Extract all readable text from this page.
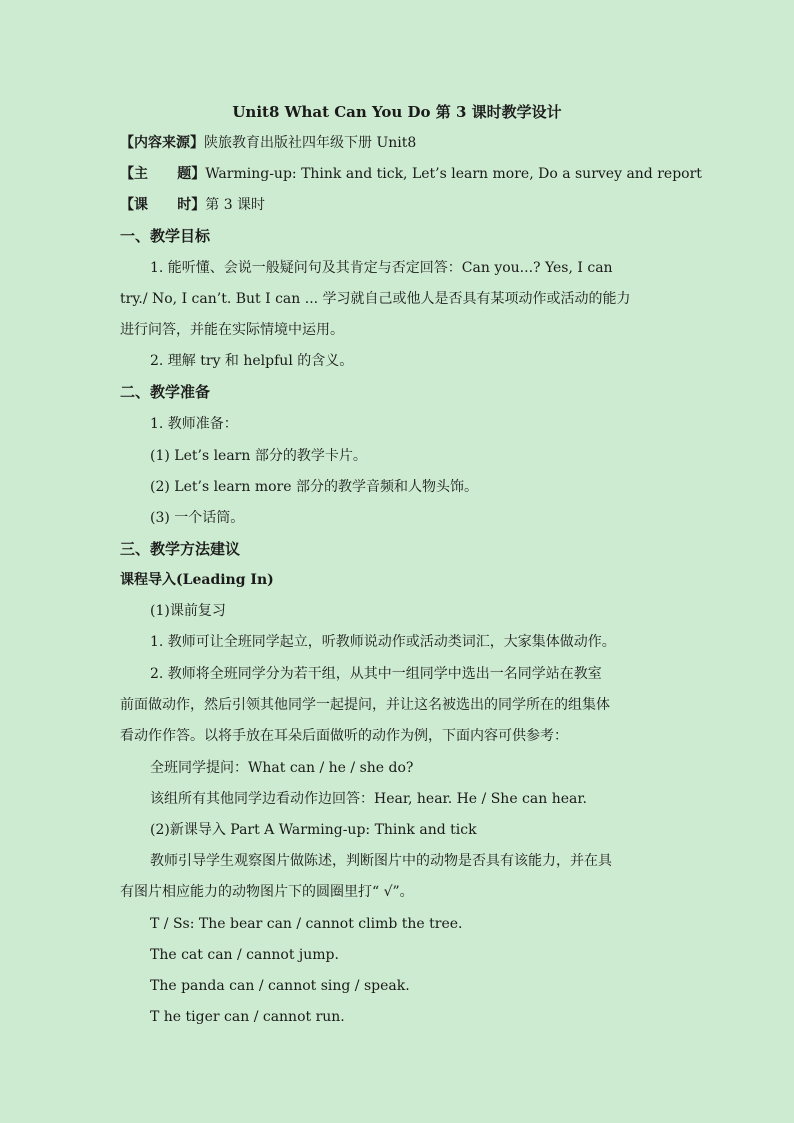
Unit8 What Can You Do 第 3 课时教学设计
【内容来源】陕旅教育出版社四年级下册 Unit8
【主      题】Warming-up: Think and tick, Let’s learn more, Do a survey and report
【课      时】第 3 课时
一、教学目标
1. 能听懂、会说一般疑问句及其肯定与否定回答：Can you...? Yes, I can
try./ No, I can’t. But I can ... 学习就自己或他人是否具有某项动作或活动的能力
进行问答，并能在实际情境中运用。
2. 理解 try 和 helpful 的含义。
二、教学准备
1. 教师准备：
(1) Let’s learn 部分的教学卡片。
(2) Let’s learn more 部分的教学音频和人物头饰。
(3) 一个话筒。
三、教学方法建议
课程导入(Leading In)
(1)课前复习
1. 教师可让全班同学起立，听教师说动作或活动类词汇，大家集体做动作。
2. 教师将全班同学分为若干组，从其中一组同学中选出一名同学站在教室
前面做动作，然后引领其他同学一起提问，并让这名被选出的同学所在的组集体
看动作作答。以将手放在耳朵后面做听的动作为例，下面内容可供参考：
全班同学提问：What can / he / she do?
该组所有其他同学边看动作边回答：Hear, hear. He / She can hear.
(2)新课导入 Part A Warming-up: Think and tick
教师引导学生观察图片做陈述，判断图片中的动物是否具有该能力，并在具
有图片相应能力的动物图片下的圆圈里打“ √”。
T / Ss: The bear can / cannot climb the tree.
The cat can / cannot jump.
The panda can / cannot sing / speak.
T he tiger can / cannot run.
